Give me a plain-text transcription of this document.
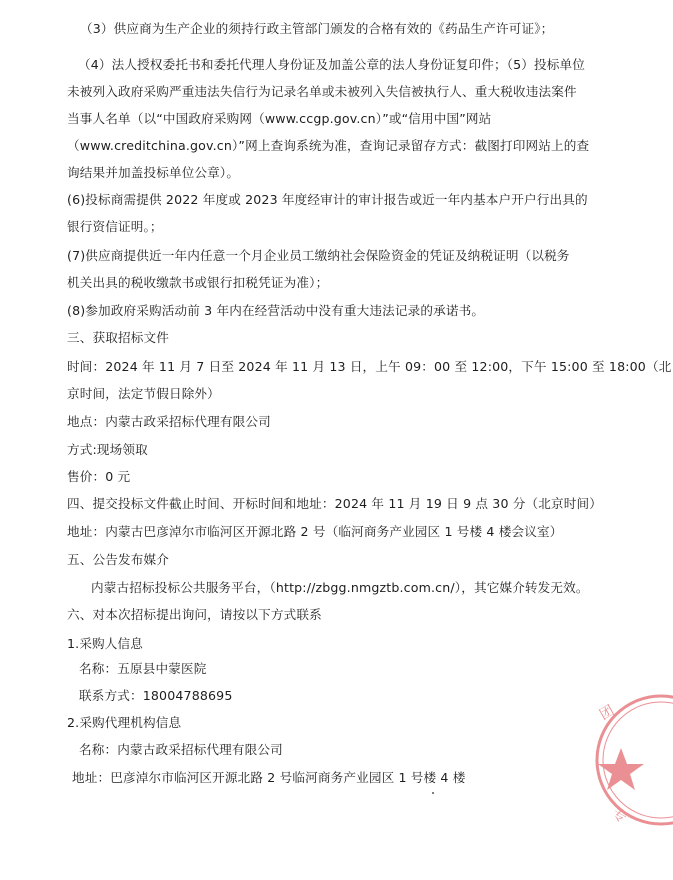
（3）供应商为生产企业的须持行政主管部门颁发的合格有效的《药品生产许可证》；
（4）法人授权委托书和委托代理人身份证及加盖公章的法人身份证复印件；（5）投标单位
未被列入政府采购严重违法失信行为记录名单或未被列入失信被执行人、重大税收违法案件
当事人名单（以“中国政府采购网（www.ccgp.gov.cn）”或“信用中国”网站
（www.creditchina.gov.cn）”网上查询系统为准，查询记录留存方式：截图打印网站上的查
询结果并加盖投标单位公章）。
(6)投标商需提供 2022 年度或 2023 年度经审计的审计报告或近一年内基本户开户行出具的
银行资信证明。；
(7)供应商提供近一年内任意一个月企业员工缴纳社会保险资金的凭证及纳税证明（以税务
机关出具的税收缴款书或银行扣税凭证为准）；
(8)参加政府采购活动前 3 年内在经营活动中没有重大违法记录的承诺书。
三、获取招标文件
时间：2024 年 11 月 7 日至 2024 年 11 月 13 日，上午 09：00 至 12:00，下午 15:00 至 18:00（北
京时间，法定节假日除外）
地点：内蒙古政采招标代理有限公司
方式:现场领取
售价：0 元
四、提交投标文件截止时间、开标时间和地址：2024 年 11 月 19 日 9 点 30 分（北京时间）
地址：内蒙古巴彦淖尔市临河区开源北路 2 号（临河商务产业园区 1 号楼 4 楼会议室）
五、公告发布媒介
内蒙古招标投标公共服务平台，（http://zbgg.nmgztb.com.cn/），其它媒介转发无效。
六、对本次招标提出询问，请按以下方式联系
1.采购人信息
名称：五原县中蒙医院
联系方式：18004788695
2.采购代理机构信息
名称：内蒙古政采招标代理有限公司
地址：巴彦淖尔市临河区开源北路 2 号临河商务产业园区 1 号楼 4 楼
团
专
